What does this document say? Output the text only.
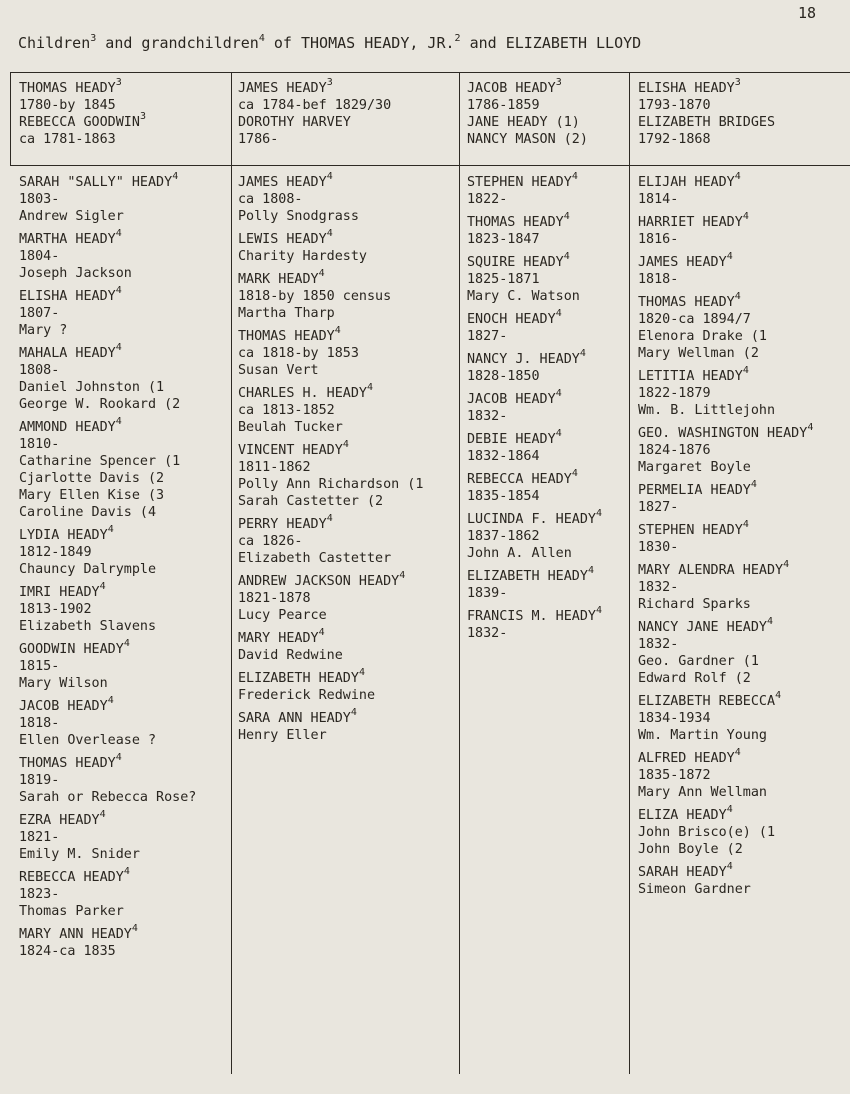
18
Children$^3$ and grandchildren$^4$ of THOMAS HEADY, JR.$^2$ and ELIZABETH LLOYD
THOMAS HEADY$^3$
1780-by 1845
REBECCA GOODWIN$^3$
ca 1781-1863
JAMES HEADY$^3$
ca 1784-bef 1829/30
DOROTHY HARVEY
1786-
JACOB HEADY$^3$
1786-1859
JANE HEADY (1)
NANCY MASON (2)
ELISHA HEADY$^3$
1793-1870
ELIZABETH BRIDGES
1792-1868
SARAH "SALLY" HEADY$^4$
1803-
Andrew Sigler
MARTHA HEADY$^4$
1804-
Joseph Jackson
ELISHA HEADY$^4$
1807-
Mary ?
MAHALA HEADY$^4$
1808-
Daniel Johnston (1
George W. Rookard (2
AMMOND HEADY$^4$
1810-
Catharine Spencer (1
Cjarlotte Davis (2
Mary Ellen Kise (3
Caroline Davis (4
LYDIA HEADY$^4$
1812-1849
Chauncy Dalrymple
IMRI HEADY$^4$
1813-1902
Elizabeth Slavens
GOODWIN HEADY$^4$
1815-
Mary Wilson
JACOB HEADY$^4$
1818-
Ellen Overlease ?
THOMAS HEADY$^4$
1819-
Sarah or Rebecca Rose?
EZRA HEADY$^4$
1821-
Emily M. Snider
REBECCA HEADY$^4$
1823-
Thomas Parker
MARY ANN HEADY$^4$
1824-ca 1835
JAMES HEADY$^4$
ca 1808-
Polly Snodgrass
LEWIS HEADY$^4$
Charity Hardesty
MARK HEADY$^4$
1818-by 1850 census
Martha Tharp
THOMAS HEADY$^4$
ca 1818-by 1853
Susan Vert
CHARLES H. HEADY$^4$
ca 1813-1852
Beulah Tucker
VINCENT HEADY$^4$
1811-1862
Polly Ann Richardson (1
Sarah Castetter (2
PERRY HEADY$^4$
ca 1826-
Elizabeth Castetter
ANDREW JACKSON HEADY$^4$
1821-1878
Lucy Pearce
MARY HEADY$^4$
David Redwine
ELIZABETH HEADY$^4$
Frederick Redwine
SARA ANN HEADY$^4$
Henry Eller
STEPHEN HEADY$^4$
1822-
THOMAS HEADY$^4$
1823-1847
SQUIRE HEADY$^4$
1825-1871
Mary C. Watson
ENOCH HEADY$^4$
1827-
NANCY J. HEADY$^4$
1828-1850
JACOB HEADY$^4$
1832-
DEBIE HEADY$^4$
1832-1864
REBECCA HEADY$^4$
1835-1854
LUCINDA F. HEADY$^4$
1837-1862
John A. Allen
ELIZABETH HEADY$^4$
1839-
FRANCIS M. HEADY$^4$
1832-
ELIJAH HEADY$^4$
1814-
HARRIET HEADY$^4$
1816-
JAMES HEADY$^4$
1818-
THOMAS HEADY$^4$
1820-ca 1894/7
Elenora Drake (1
Mary Wellman (2
LETITIA HEADY$^4$
1822-1879
Wm. B. Littlejohn
GEO. WASHINGTON HEADY$^4$
1824-1876
Margaret Boyle
PERMELIA HEADY$^4$
1827-
STEPHEN HEADY$^4$
1830-
MARY ALENDRA HEADY$^4$
1832-
Richard Sparks
NANCY JANE HEADY$^4$
1832-
Geo. Gardner (1
Edward Rolf (2
ELIZABETH REBECCA$^4$
1834-1934
Wm. Martin Young
ALFRED HEADY$^4$
1835-1872
Mary Ann Wellman
ELIZA HEADY$^4$
John Brisco(e) (1
John Boyle (2
SARAH HEADY$^4$
Simeon Gardner
